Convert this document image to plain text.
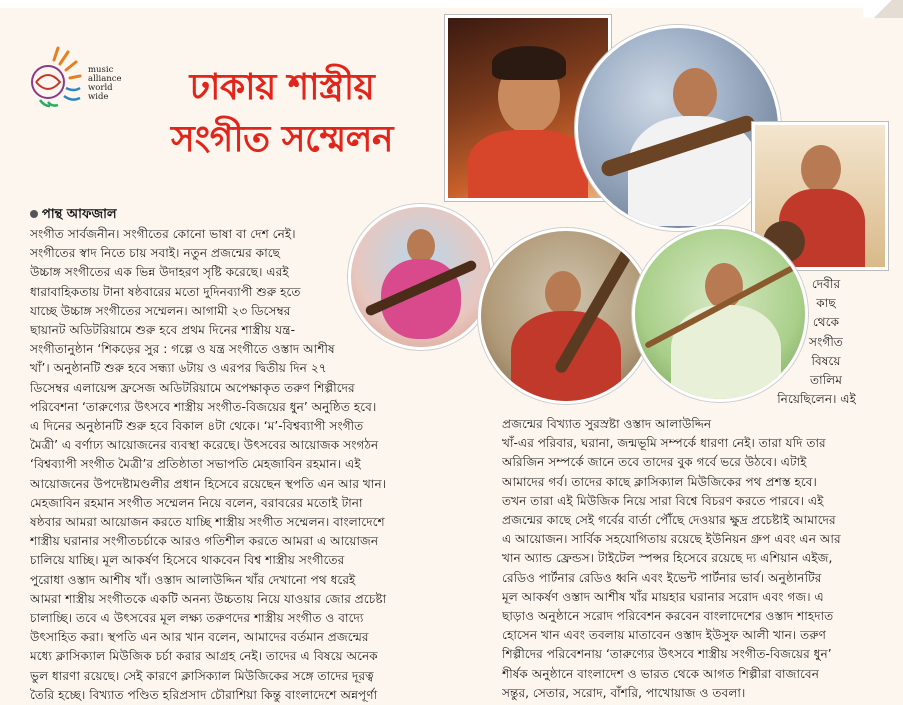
music
alliance
world
wide	ঢাকায় শাস্ত্রীয়
সংগীত সম্মেলন
পান্থ আফজাল
সংগীত সার্বজনীন। সংগীতের কোনো ভাষা বা দেশ নেই।
সংগীতের স্বাদ নিতে চায় সবাই। নতুন প্রজন্মের কাছে
উচ্চাঙ্গ সংগীতের এক ভিন্ন উদাহরণ সৃষ্টি করেছে। এরই
ধারাবাহিকতায় টানা ষষ্ঠবারের মতো দুদিনব্যাপী শুরু হতে
যাচ্ছে উচ্চাঙ্গ সংগীতের সম্মেলন। আগামী ২৩ ডিসেম্বর
ছায়ানট অডিটরিয়ামে শুরু হবে প্রথম দিনের শাস্ত্রীয় যন্ত্র-
সংগীতানুষ্ঠান ‘শিকড়ের সুর : গল্পে ও যন্ত্র সংগীতে ওস্তাদ আশীষ
খাঁ’। অনুষ্ঠানটি শুরু হবে সন্ধ্যা ৬টায় ও এরপর দ্বিতীয় দিন ২৭
ডিসেম্বর এলায়েন্স ফ্রসেজ অডিটরিয়ামে অপেক্ষাকৃত তরুণ শিল্পীদের
পরিবেশনা ‘তারুণ্যের উৎসবে শাস্ত্রীয় সংগীত-বিজয়ের ধুন’ অনুষ্ঠিত হবে।
এ দিনের অনুষ্ঠানটি শুরু হবে বিকাল ৪টা থেকে। ‘ম’-বিশ্বব্যাপী সংগীত
মৈত্রী’ এ বর্ণাঢ্য আয়োজনের ব্যবস্থা করেছে। উৎসবের আয়োজক সংগঠন
‘বিশ্বব্যাপী সংগীত মৈত্রী’র প্রতিষ্ঠাতা সভাপতি মেহজাবিন রহমান। এই
আয়োজনের উপদেষ্টামণ্ডলীর প্রধান হিসেবে রয়েছেন স্থপতি এন আর খান।
মেহজাবিন রহমান সংগীত সম্মেলন নিয়ে বলেন, বরাবরের মতোই টানা
ষষ্ঠবার আমরা আয়োজন করতে যাচ্ছি শাস্ত্রীয় সংগীত সম্মেলন। বাংলাদেশে
শাস্ত্রীয় ঘরানার সংগীতচর্চাকে আরও গতিশীল করতে আমরা এ আয়োজন
চালিয়ে যাচ্ছি। মূল আকর্ষণ হিসেবে থাকবেন বিশ্ব শাস্ত্রীয় সংগীতের
পুরোধা ওস্তাদ আশীষ খাঁ। ওস্তাদ আলাউদ্দিন খাঁর দেখানো পথ ধরেই
আমরা শাস্ত্রীয় সংগীতকে একটি অনন্য উচ্চতায় নিয়ে যাওয়ার জোর প্রচেষ্টা
চালাচ্ছি। তবে এ উৎসবের মূল লক্ষ্য তরুণদের শাস্ত্রীয় সংগীত ও বাদ্যে
উৎসাহিত করা। স্থপতি এন আর খান বলেন, আমাদের বর্তমান প্রজন্মের
মধ্যে ক্লাসিক্যাল মিউজিক চর্চা করার আগ্রহ নেই। তাদের এ বিষয়ে অনেক
ভুল ধারণা রয়েছে। সেই কারণে ক্লাসিক্যাল মিউজিকের সঙ্গে তাদের দূরত্ব
তৈরি হচ্ছে। বিখ্যাত পণ্ডিত হরিপ্রসাদ চৌরাশিয়া কিন্তু বাংলাদেশে অন্নপূর্ণা
দেবীর
কাছ
থেকে
সংগীত
বিষয়ে
তালিম
নিয়েছিলেন। এই
প্রজন্মের বিখ্যাত সুরস্রষ্টা ওস্তাদ আলাউদ্দিন
খাঁ-এর পরিবার, ঘরানা, জন্মভূমি সম্পর্কে ধারণা নেই। তারা যদি তার
অরিজিন সম্পর্কে জানে তবে তাদের বুক গর্বে ভরে উঠবে। এটাই
আমাদের গর্ব। তাদের কাছে ক্লাসিক্যাল মিউজিকের পথ প্রশস্ত হবে।
তখন তারা এই মিউজিক নিয়ে সারা বিশ্বে বিচরণ করতে পারবে। এই
প্রজন্মের কাছে সেই গর্বের বার্তা পৌঁছে দেওয়ার ক্ষুদ্র প্রচেষ্টাই আমাদের
এ আয়োজন। সার্বিক সহযোগিতায় রয়েছে ইউনিয়ন গ্রুপ এবং এন আর
খান অ্যান্ড ফ্রেন্ডস। টাইটেল স্পন্সর হিসেবে রয়েছে দ্য এশিয়ান এইজ,
রেডিও পার্টনার রেডিও ধ্বনি এবং ইভেন্ট পার্টনার ভার্ব। অনুষ্ঠানটির
মূল আকর্ষণ ওস্তাদ আশীষ খাঁর মায়হার ঘরানার সরোদ এবং গজ। এ
ছাড়াও অনুষ্ঠানে সরোদ পরিবেশন করবেন বাংলাদেশের ওস্তাদ শাহদাত
হোসেন খান এবং তবলায় মাতাবেন ওস্তাদ ইউসুফ আলী খান। তরুণ
শিল্পীদের পরিবেশনায় ‘তারুণ্যের উৎসবে শাস্ত্রীয় সংগীত-বিজয়ের ধুন’
শীর্ষক অনুষ্ঠানে বাংলাদেশ ও ভারত থেকে আগত শিল্পীরা বাজাবেন
সন্তুর, সেতার, সরোদ, বাঁশরি, পাখোয়াজ ও তবলা।
